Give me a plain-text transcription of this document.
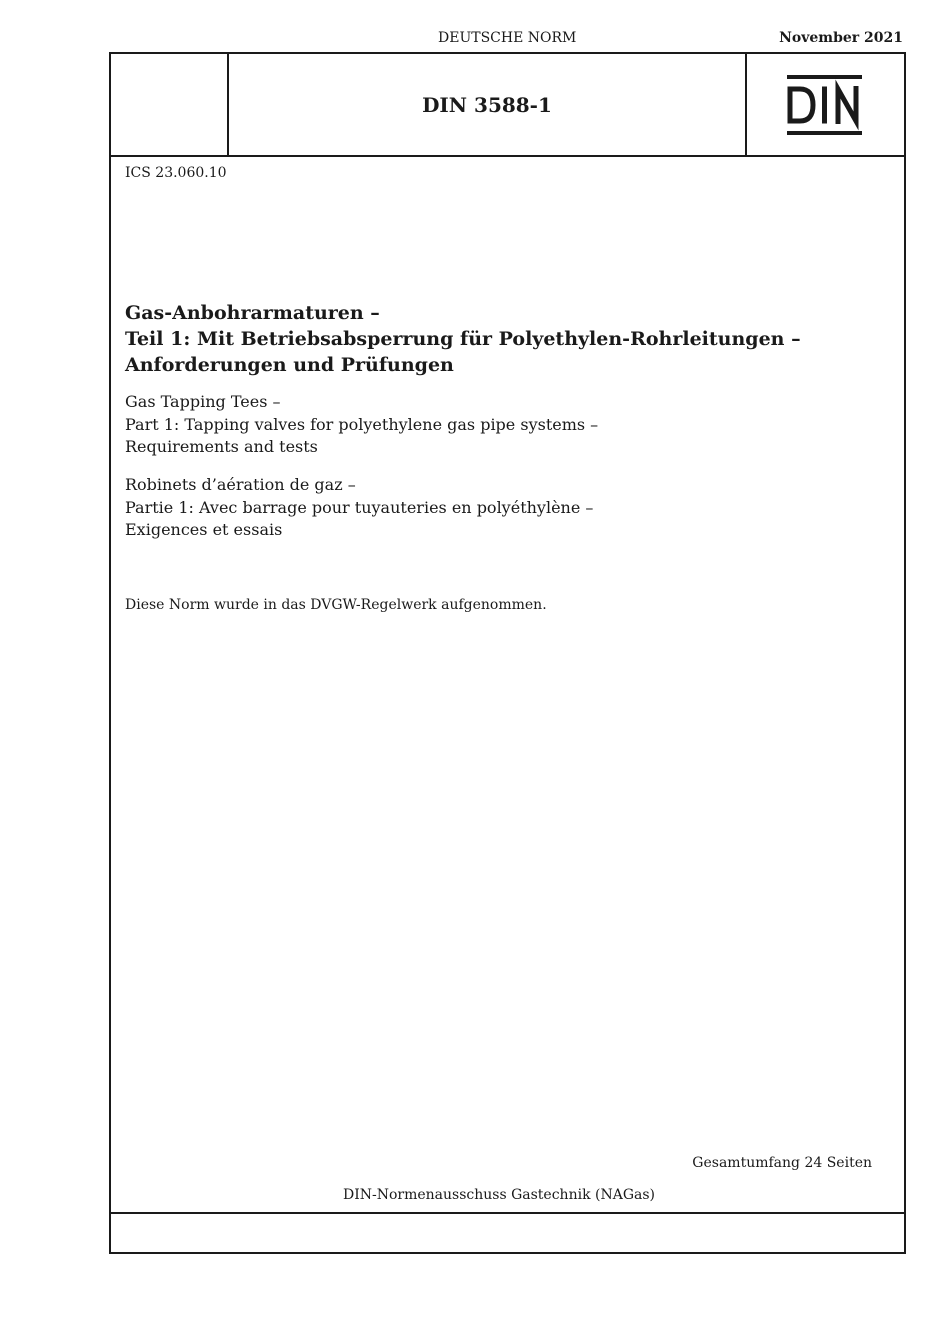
DEUTSCHE NORM	November 2021
DIN 3588-1
ICS 23.060.10
Gas-Anbohrarmaturen –
Teil 1: Mit Betriebsabsperrung für Polyethylen-Rohrleitungen –
Anforderungen und Prüfungen
Gas Tapping Tees –
Part 1: Tapping valves for polyethylene gas pipe systems –
Requirements and tests
Robinets d’aération de gaz –
Partie 1: Avec barrage pour tuyauteries en polyéthylène –
Exigences et essais
Diese Norm wurde in das DVGW-Regelwerk aufgenommen.
Gesamtumfang 24 Seiten
DIN-Normenausschuss Gastechnik (NAGas)
